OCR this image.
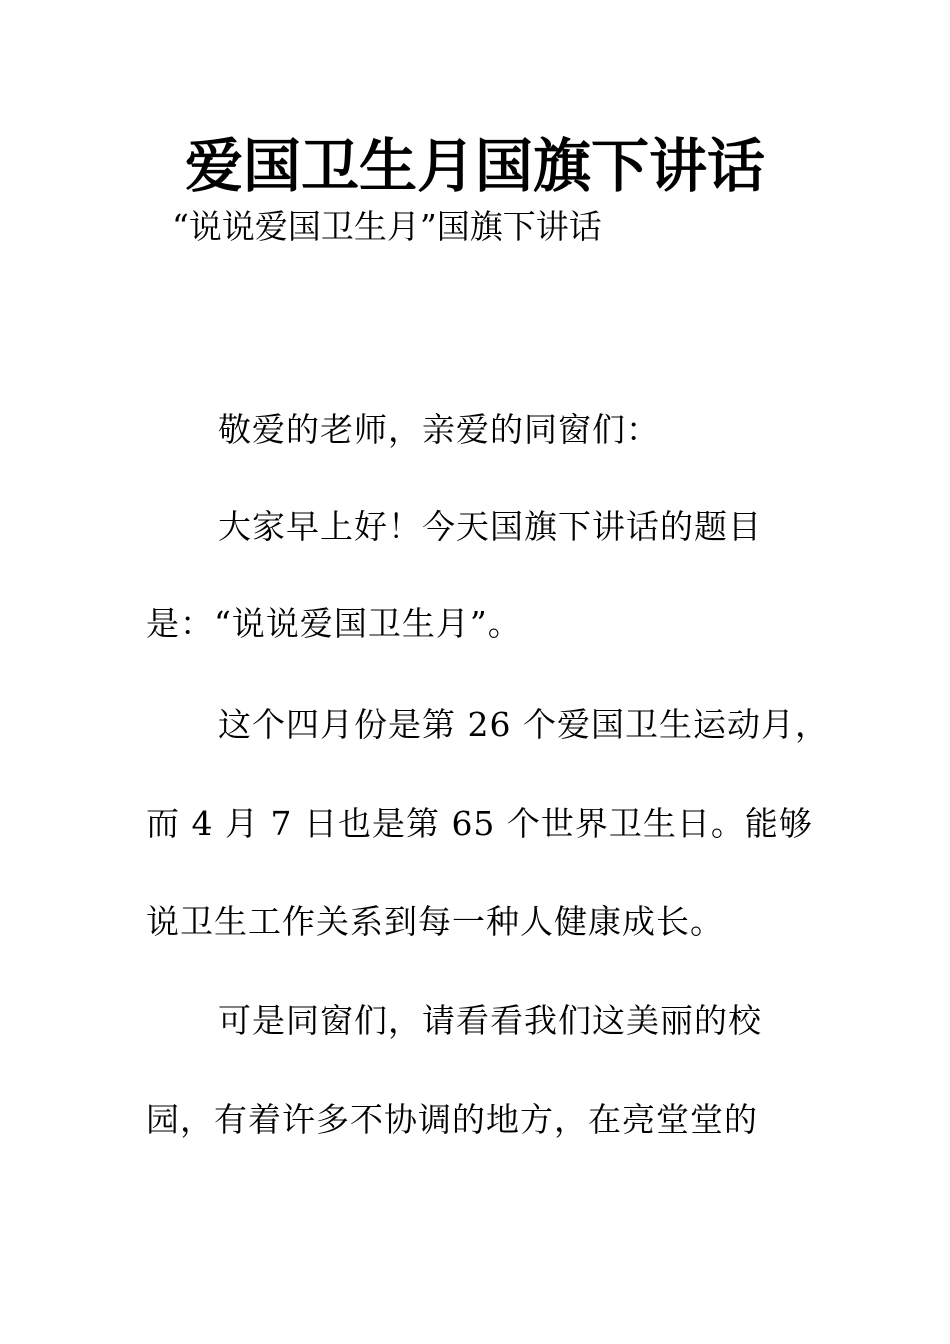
爱国卫生月国旗下讲话
“说说爱国卫生月”国旗下讲话
敬爱的老师，亲爱的同窗们：
大家早上好！今天国旗下讲话的题目
是：“说说爱国卫生月”。
这个四月份是第 26 个爱国卫生运动月，
而 4 月 7 日也是第 65 个世界卫生日。能够
说卫生工作关系到每一种人健康成长。
可是同窗们，请看看我们这美丽的校
园，有着许多不协调的地方，在亮堂堂的
